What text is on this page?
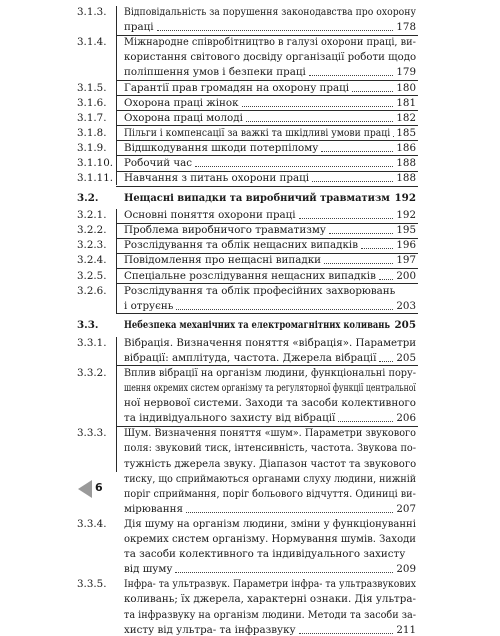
3.1.3. Відповідальність за порушення законодавства про охорону
праці	178
3.1.4. Міжнародне співробітництво в галузі охорони праці, ви-
користання світового досвіду організації роботи щодо
поліпшення умов і безпеки праці	179
3.1.5. Гарантії прав громадян на охорону праці	180
3.1.6. Охорона праці жінок	181
3.1.7. Охорона праці молоді	182
3.1.8. Пільги і компенсації за важкі та шкідливі умови праці 185
3.1.9. Відшкодування шкоди потерпілому	186
3.1.10. Робочий час	188
3.1.11. Навчання з питань охорони праці	188
3.2. Нещасні випадки та виробничий травматизм 192
3.2.1. Основні поняття охорони праці	192
3.2.2. Проблема виробничого травматизму	195
3.2.3. Розслідування та облік нещасних випадків	196
3.2.4. Повідомлення про нещасні випадки	197
3.2.5. Спеціальне розслідування нещасних випадків 200
3.2.6. Розслідування та облік професійних захворювань
і отруєнь	203
3.3. Небезпека механічних та електромагнітних коливань 205
3.3.1. Вібрація. Визначення поняття «вібрація». Параметри
вібрації: амплітуда, частота. Джерела вібрації 205
3.3.2. Вплив вібрації на організм людини, функціональні пору-
шення окремих систем організму та регуляторної функції центральної
ної нервової системи. Заходи та засоби колективного
та індивідуального захисту від вібрації	206
3.3.3. Шум. Визначення поняття «шум». Параметри звукового
поля: звуковий тиск, інтенсивність, частота. Звукова по-
тужність джерела звуку. Діапазон частот та звукового
тиску, що сприймаються органами слуху людини, нижній
поріг сприймання, поріг больового відчуття. Одиниці ви-
мірювання	207
3.3.4. Дія шуму на організм людини, зміни у функціонуванні
окремих систем організму. Нормування шумів. Заходи
та засоби колективного та індивідуального захисту
від шуму	209
3.3.5. Інфра- та ультразвук. Параметри інфра- та ультразвукових
коливань; їх джерела, характерні ознаки. Дія ультра-
та інфразвуку на організм людини. Методи та засоби за-
хисту від ультра- та інфразвуку	211
6
